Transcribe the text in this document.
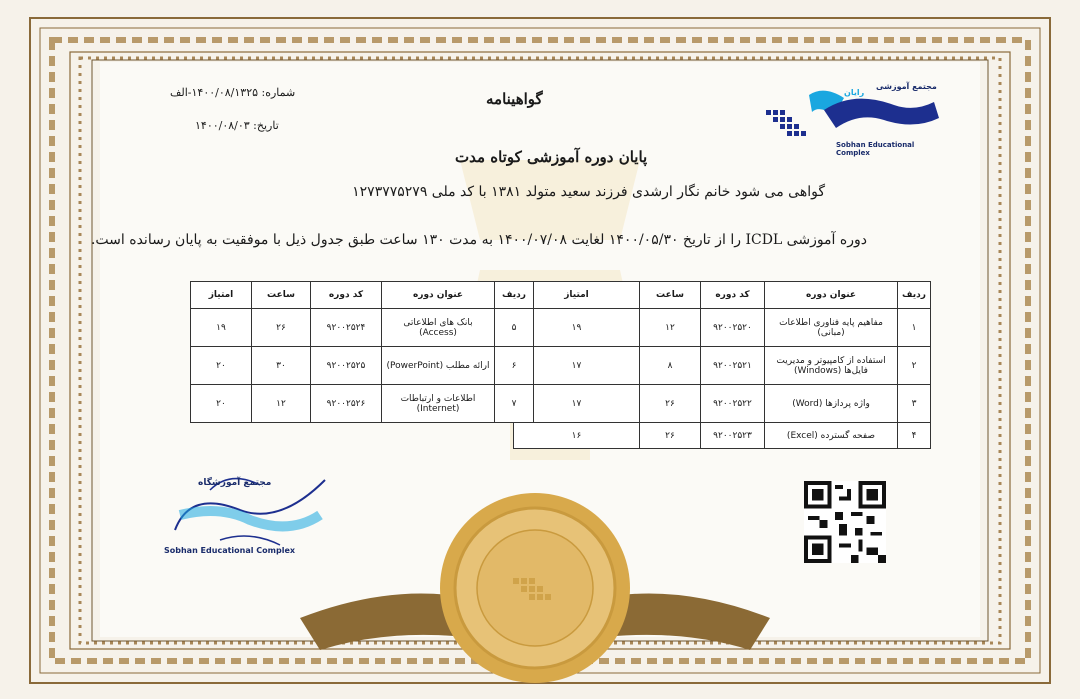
شماره: ۱۴۰۰/۰۸/۱۳۲۵-الف
تاریخ: ۱۴۰۰/۰۸/۰۳
گواهینامه
پایان دوره آموزشی کوتاه مدت
مجتمع آموزشی
رایان
Sobhan Educational Complex
گواهی می شود خانم نگار ارشدی فرزند سعید متولد ۱۳۸۱ با کد ملی ۱۲۷۳۷۷۵۲۷۹
دوره آموزشی ICDL را از تاریخ ۱۴۰۰/۰۵/۳۰ لغایت ۱۴۰۰/۰۷/۰۸ به مدت ۱۳۰ ساعت طبق جدول ذیل با موفقیت به پایان رسانده است.
امتیاز	ساعت	کد دوره	عنوان دوره	ردیف
۱۹	۱۲	۹۲۰۰۲۵۲۰	مفاهیم پایه فناوری اطلاعات (مبانی)	۱
۱۷	۸	۹۲۰۰۲۵۲۱	استفاده از کامپیوتر و مدیریت فایل‌ها (Windows)	۲
۱۷	۲۶	۹۲۰۰۲۵۲۲	واژه پردازها (Word)	۳
۱۶	۲۶	۹۲۰۰۲۵۲۳	صفحه گسترده (Excel)	۴
امتیاز	ساعت	کد دوره	عنوان دوره	ردیف
۱۹	۲۶	۹۲۰۰۲۵۲۴	بانک های اطلاعاتی (Access)	۵
۲۰	۳۰	۹۲۰۰۲۵۲۵	ارائه مطلب (PowerPoint)	۶
۲۰	۱۲	۹۲۰۰۲۵۲۶	اطلاعات و ارتباطات (Internet)	۷
مجتمع آموزشگاه
Sobhan Educational Complex
